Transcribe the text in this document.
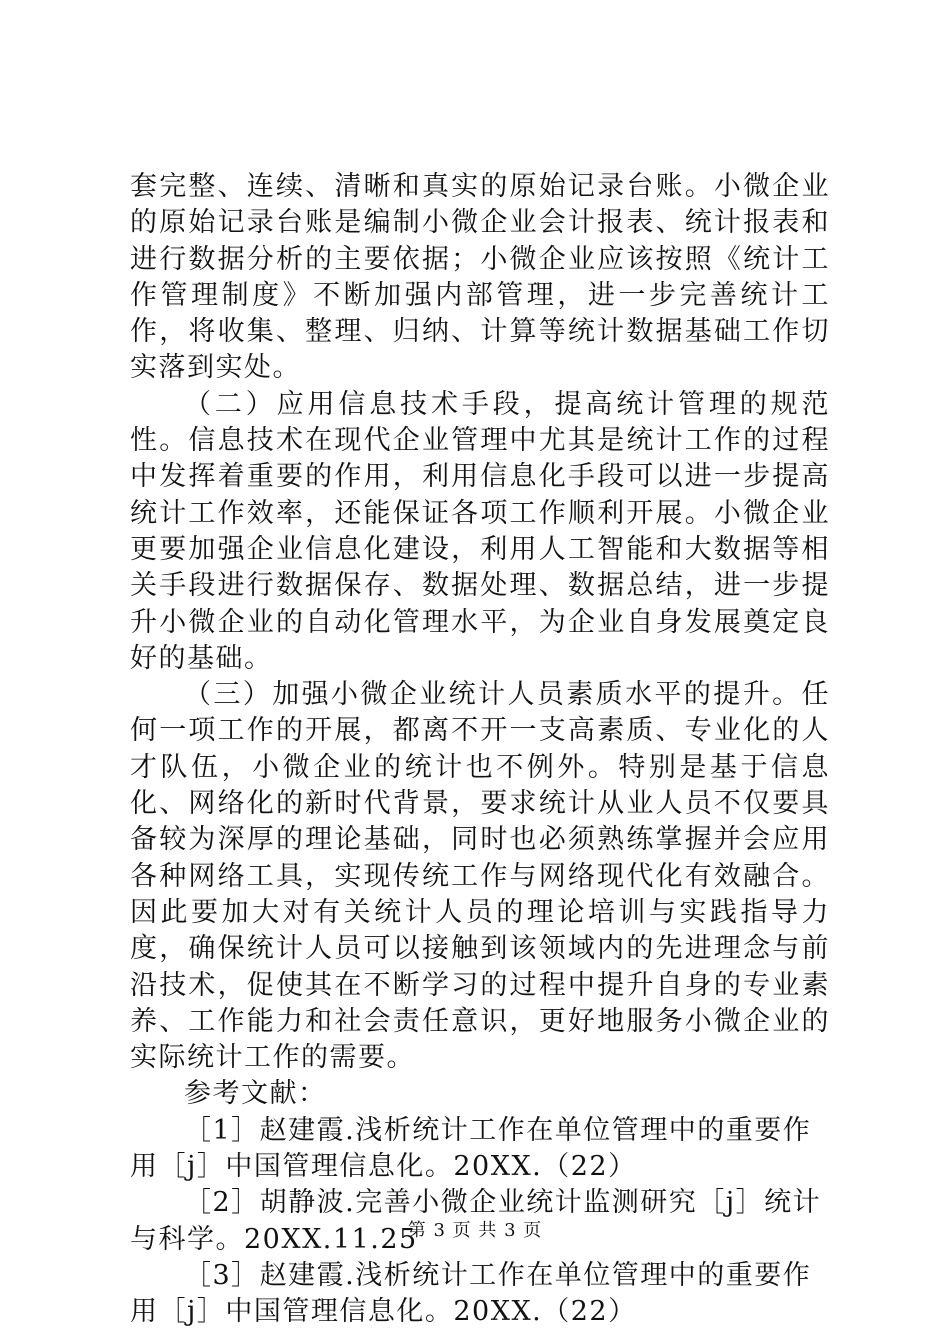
套完整、连续、清晰和真实的原始记录台账。小微企业的原始记录台账是编制小微企业会计报表、统计报表和进行数据分析的主要依据；小微企业应该按照《统计工作管理制度》不断加强内部管理，进一步完善统计工作，将收集、整理、归纳、计算等统计数据基础工作切实落到实处。

（二）应用信息技术手段，提高统计管理的规范性。信息技术在现代企业管理中尤其是统计工作的过程中发挥着重要的作用，利用信息化手段可以进一步提高统计工作效率，还能保证各项工作顺利开展。小微企业更要加强企业信息化建设，利用人工智能和大数据等相关手段进行数据保存、数据处理、数据总结，进一步提升小微企业的自动化管理水平，为企业自身发展奠定良好的基础。

（三）加强小微企业统计人员素质水平的提升。任何一项工作的开展，都离不开一支高素质、专业化的人才队伍，小微企业的统计也不例外。特别是基于信息化、网络化的新时代背景，要求统计从业人员不仅要具备较为深厚的理论基础，同时也必须熟练掌握并会应用各种网络工具，实现传统工作与网络现代化有效融合。因此要加大对有关统计人员的理论培训与实践指导力度，确保统计人员可以接触到该领域内的先进理念与前沿技术，促使其在不断学习的过程中提升自身的专业素养、工作能力和社会责任意识，更好地服务小微企业的实际统计工作的需要。

参考文献：

［1］赵建霞.浅析统计工作在单位管理中的重要作用［j］中国管理信息化。20XX.（22）

［2］胡静波.完善小微企业统计监测研究［j］统计与科学。20XX.11.25

［3］赵建霞.浅析统计工作在单位管理中的重要作用［j］中国管理信息化。20XX.（22）

第 3 页 共 3 页
